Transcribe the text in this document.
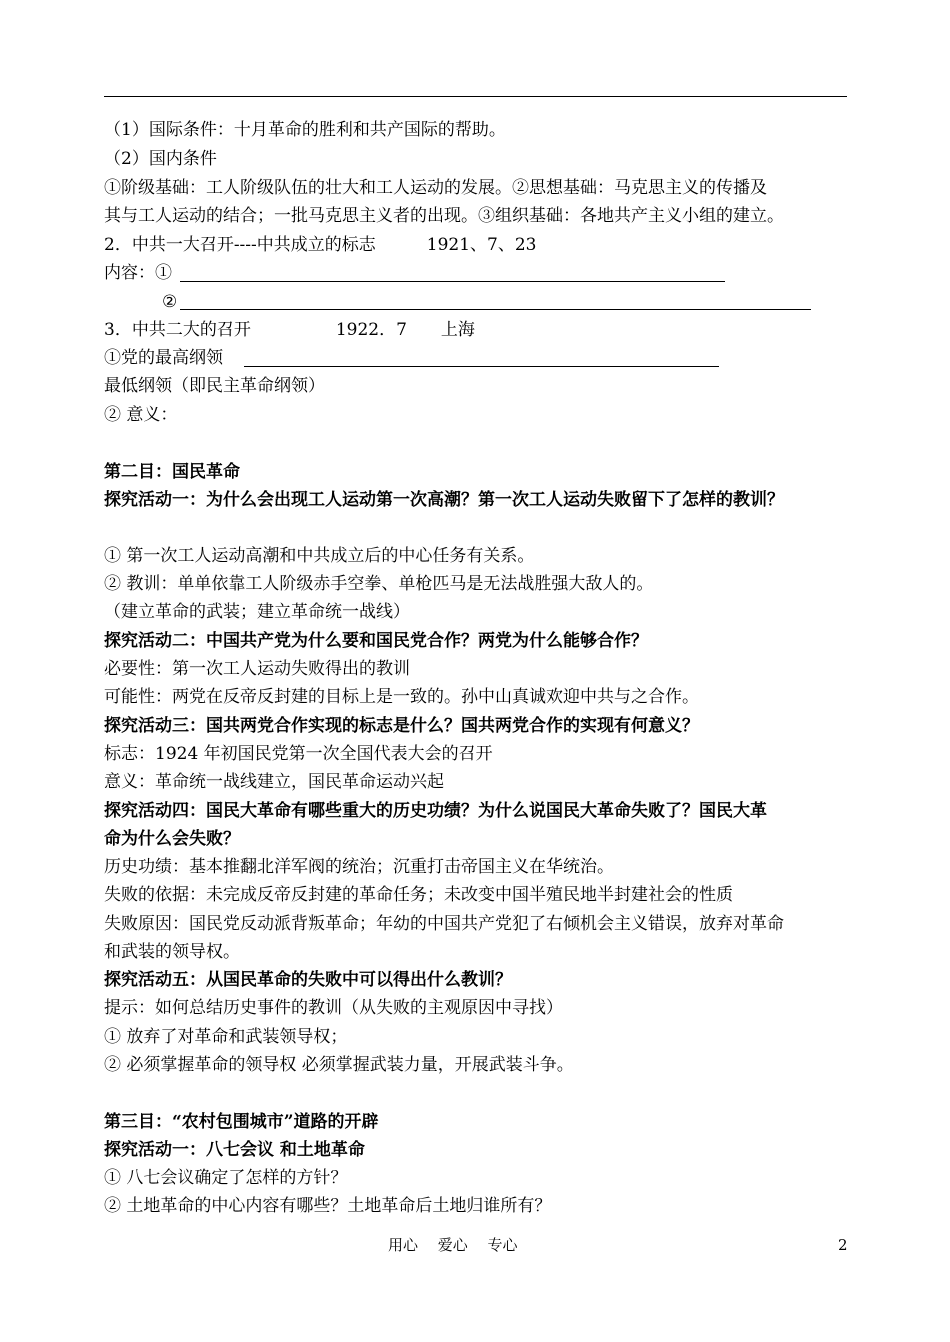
（1）国际条件：十月革命的胜利和共产国际的帮助。
（2）国内条件
①阶级基础：工人阶级队伍的壮大和工人运动的发展。②思想基础：马克思主义的传播及
其与工人运动的结合；一批马克思主义者的出现。③组织基础：各地共产主义小组的建立。
2．中共一大召开----中共成立的标志　　　1921、7、23
内容：①
②
3．中共二大的召开　　　　　1922．7　　上海
①党的最高纲领
最低纲领（即民主革命纲领）
② 意义：
第二目：国民革命
探究活动一：为什么会出现工人运动第一次高潮？第一次工人运动失败留下了怎样的教训？
① 第一次工人运动高潮和中共成立后的中心任务有关系。
② 教训：单单依靠工人阶级赤手空拳、单枪匹马是无法战胜强大敌人的。
（建立革命的武装；建立革命统一战线）
探究活动二：中国共产党为什么要和国民党合作？两党为什么能够合作？
必要性：第一次工人运动失败得出的教训
可能性：两党在反帝反封建的目标上是一致的。孙中山真诚欢迎中共与之合作。
探究活动三：国共两党合作实现的标志是什么？国共两党合作的实现有何意义？
标志：1924 年初国民党第一次全国代表大会的召开
意义：革命统一战线建立，国民革命运动兴起
探究活动四：国民大革命有哪些重大的历史功绩？为什么说国民大革命失败了？国民大革
命为什么会失败？
历史功绩：基本推翻北洋军阀的统治；沉重打击帝国主义在华统治。
失败的依据：未完成反帝反封建的革命任务；未改变中国半殖民地半封建社会的性质
失败原因：国民党反动派背叛革命；年幼的中国共产党犯了右倾机会主义错误，放弃对革命
和武装的领导权。
探究活动五：从国民革命的失败中可以得出什么教训？
提示：如何总结历史事件的教训（从失败的主观原因中寻找）
① 放弃了对革命和武装领导权；
② 必须掌握革命的领导权 必须掌握武装力量，开展武装斗争。
第三目：“农村包围城市”道路的开辟
探究活动一：八七会议 和土地革命
① 八七会议确定了怎样的方针？
② 土地革命的中心内容有哪些？土地革命后土地归谁所有？
用心　 爱心　 专心	2
